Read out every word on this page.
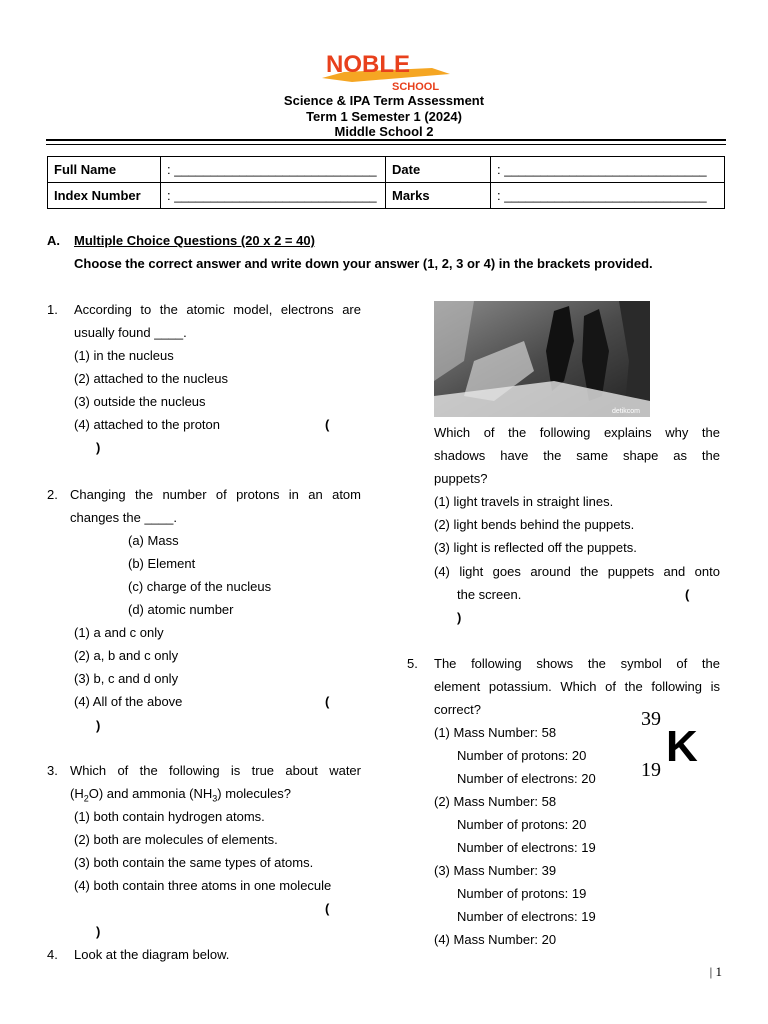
NOBLE
SCHOOL
Science & IPA Term Assessment
Term 1 Semester 1 (2024)
Middle School 2
Full Name	: ____________________________	Date	: ____________________________
Index Number	: ____________________________	Marks	: ____________________________
A. Multiple Choice Questions (20 x 2 = 40)
Choose the correct answer and write down your answer (1, 2, 3 or 4) in the brackets provided.
1. According to the atomic model, electrons are
usually found ____.
(1) in the nucleus
(2) attached to the nucleus
(3) outside the nucleus
(4) attached to the proton	(
)
2. Changing the number of protons in an atom
changes the ____.
(a) Mass
(b) Element
(c) charge of the nucleus
(d) atomic number
(1) a and c only
(2) a, b and c only
(3) b, c and d only
(4) All of the above	(
)
3. Which of the following is true about water
$(H_2O)$ and ammonia $(NH_3)$ molecules?
(1) both contain hydrogen atoms.
(2) both are molecules of elements.
(3) both contain the same types of atoms.
(4) both contain three atoms in one molecule
(
)
4. Look at the diagram below.
detikcom
Which of the following explains why the
shadows have the same shape as the
puppets?
(1) light travels in straight lines.
(2) light bends behind the puppets.
(3) light is reflected off the puppets.
(4) light goes around the puppets and onto
the screen.	(
)
5. The following shows the symbol of the
element potassium. Which of the following is
correct?	39
19 K
(1) Mass Number: 58
Number of protons: 20
Number of electrons: 20
(2) Mass Number: 58
Number of protons: 20
Number of electrons: 19
(3) Mass Number: 39
Number of protons: 19
Number of electrons: 19
(4) Mass Number: 20
| 1
